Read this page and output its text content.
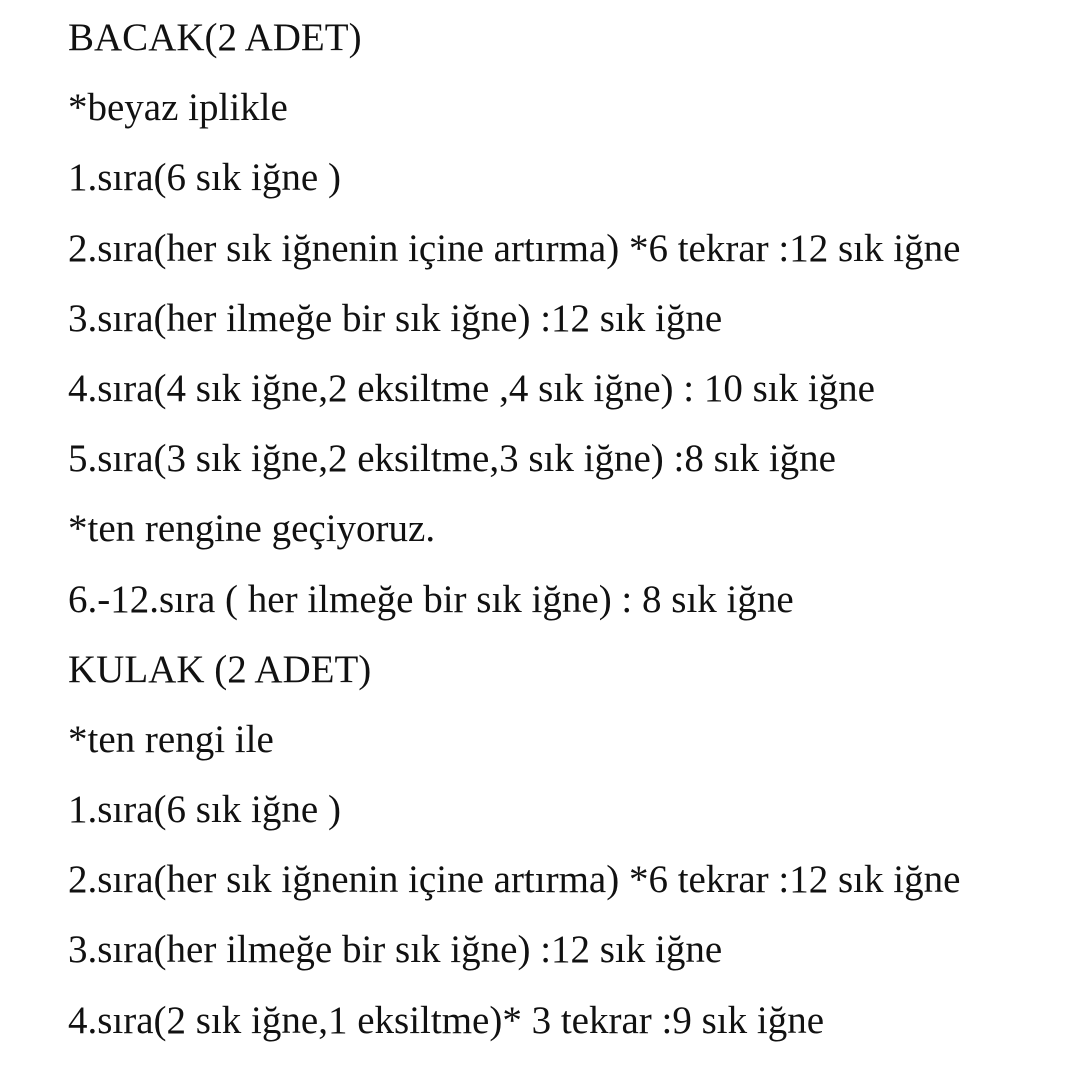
BACAK(2 ADET)
*beyaz iplikle
1.sıra(6 sık iğne )
2.sıra(her sık iğnenin içine artırma) *6 tekrar :12 sık iğne
3.sıra(her ilmeğe bir sık iğne) :12 sık iğne
4.sıra(4 sık iğne,2 eksiltme ,4 sık iğne) : 10 sık iğne
5.sıra(3 sık iğne,2 eksiltme,3 sık iğne) :8 sık iğne
*ten rengine geçiyoruz.
6.-12.sıra ( her ilmeğe bir sık iğne) : 8 sık iğne
KULAK (2 ADET)
*ten rengi ile
1.sıra(6 sık iğne )
2.sıra(her sık iğnenin içine artırma) *6 tekrar :12 sık iğne
3.sıra(her ilmeğe bir sık iğne) :12 sık iğne
4.sıra(2 sık iğne,1 eksiltme)* 3 tekrar :9 sık iğne
